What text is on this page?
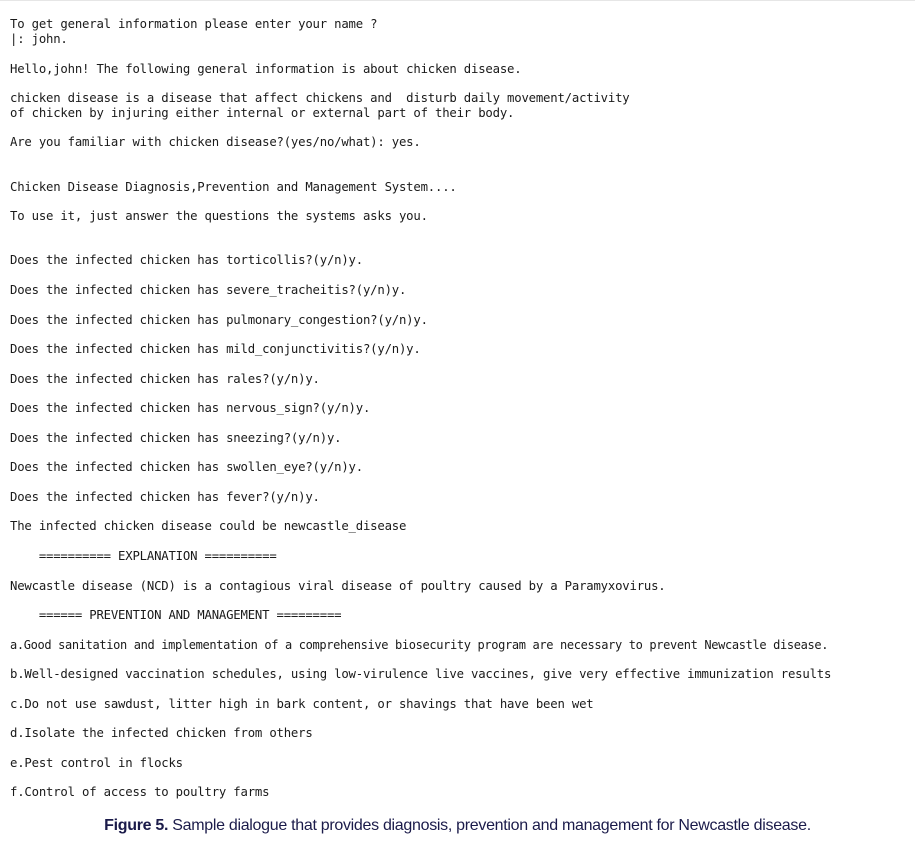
To get general information please enter your name ?
|: john.
Hello,john! The following general information is about chicken disease.
chicken disease is a disease that affect chickens and  disturb daily movement/activity
of chicken by injuring either internal or external part of their body.
Are you familiar with chicken disease?(yes/no/what): yes.
Chicken Disease Diagnosis,Prevention and Management System....
To use it, just answer the questions the systems asks you.
Does the infected chicken has torticollis?(y/n)y.
Does the infected chicken has severe_tracheitis?(y/n)y.
Does the infected chicken has pulmonary_congestion?(y/n)y.
Does the infected chicken has mild_conjunctivitis?(y/n)y.
Does the infected chicken has rales?(y/n)y.
Does the infected chicken has nervous_sign?(y/n)y.
Does the infected chicken has sneezing?(y/n)y.
Does the infected chicken has swollen_eye?(y/n)y.
Does the infected chicken has fever?(y/n)y.
The infected chicken disease could be newcastle_disease
========== EXPLANATION ==========
Newcastle disease (NCD) is a contagious viral disease of poultry caused by a Paramyxovirus.
====== PREVENTION AND MANAGEMENT =========
a.Good sanitation and implementation of a comprehensive biosecurity program are necessary to prevent Newcastle disease.
b.Well-designed vaccination schedules, using low-virulence live vaccines, give very effective immunization results
c.Do not use sawdust, litter high in bark content, or shavings that have been wet
d.Isolate the infected chicken from others
e.Pest control in flocks
f.Control of access to poultry farms
Figure 5. Sample dialogue that provides diagnosis, prevention and management for Newcastle disease.
